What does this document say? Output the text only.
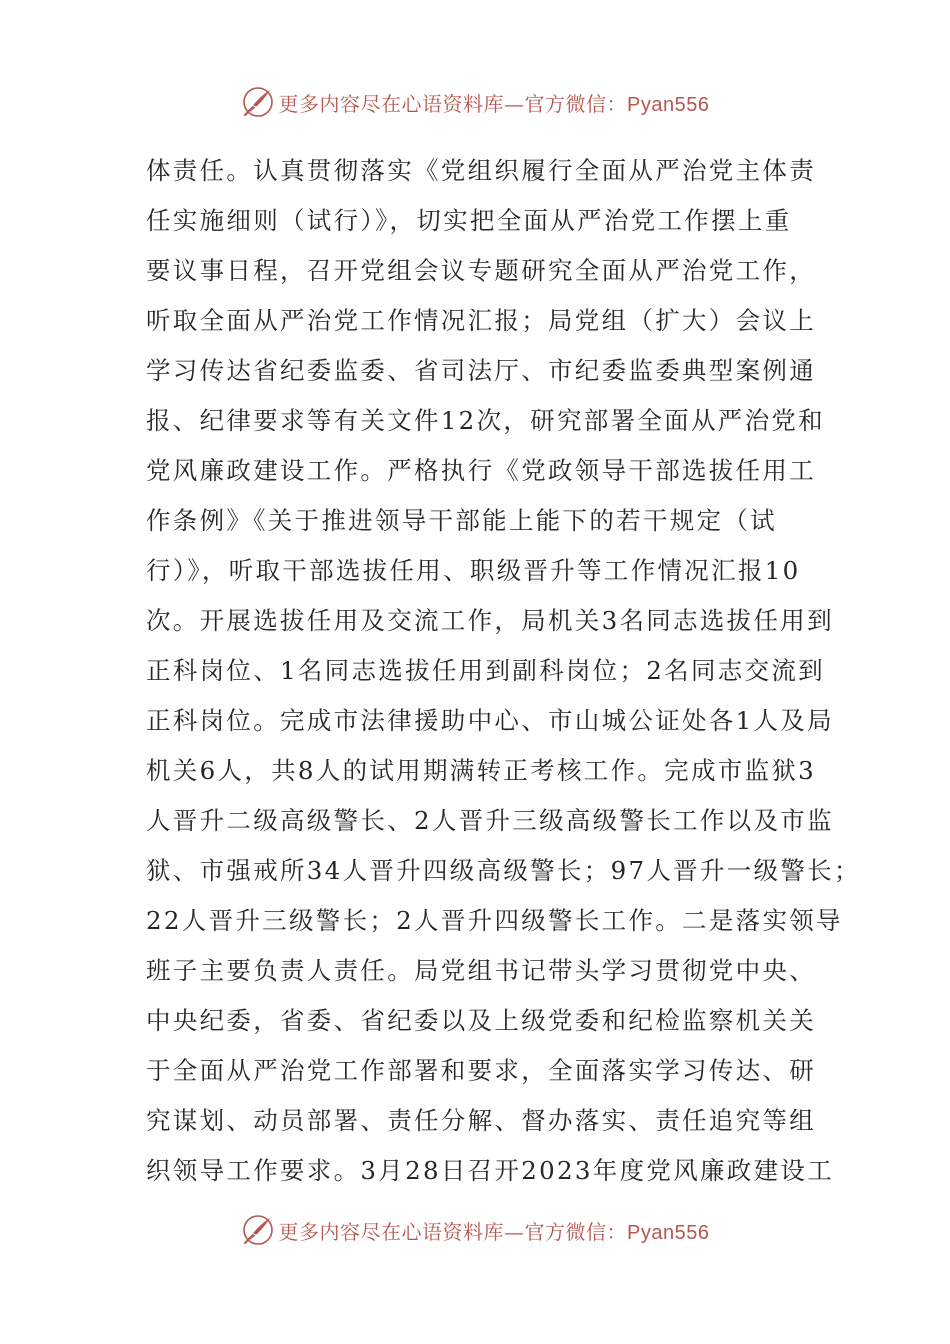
更多内容尽在心语资料库—官方微信：Pyan556
体责任。认真贯彻落实《党组织履行全面从严治党主体责
任实施细则（试行）》，切实把全面从严治党工作摆上重
要议事日程，召开党组会议专题研究全面从严治党工作，
听取全面从严治党工作情况汇报；局党组（扩大）会议上
学习传达省纪委监委、省司法厅、市纪委监委典型案例通
报、纪律要求等有关文件12次，研究部署全面从严治党和
党风廉政建设工作。严格执行《党政领导干部选拔任用工
作条例》《关于推进领导干部能上能下的若干规定（试
行）》，听取干部选拔任用、职级晋升等工作情况汇报10
次。开展选拔任用及交流工作，局机关3名同志选拔任用到
正科岗位、1名同志选拔任用到副科岗位；2名同志交流到
正科岗位。完成市法律援助中心、市山城公证处各1人及局
机关6人，共8人的试用期满转正考核工作。完成市监狱3
人晋升二级高级警长、2人晋升三级高级警长工作以及市监
狱、市强戒所34人晋升四级高级警长；97人晋升一级警长；
22人晋升三级警长；2人晋升四级警长工作。二是落实领导
班子主要负责人责任。局党组书记带头学习贯彻党中央、
中央纪委，省委、省纪委以及上级党委和纪检监察机关关
于全面从严治党工作部署和要求，全面落实学习传达、研
究谋划、动员部署、责任分解、督办落实、责任追究等组
织领导工作要求。3月28日召开2023年度党风廉政建设工
更多内容尽在心语资料库—官方微信：Pyan556
